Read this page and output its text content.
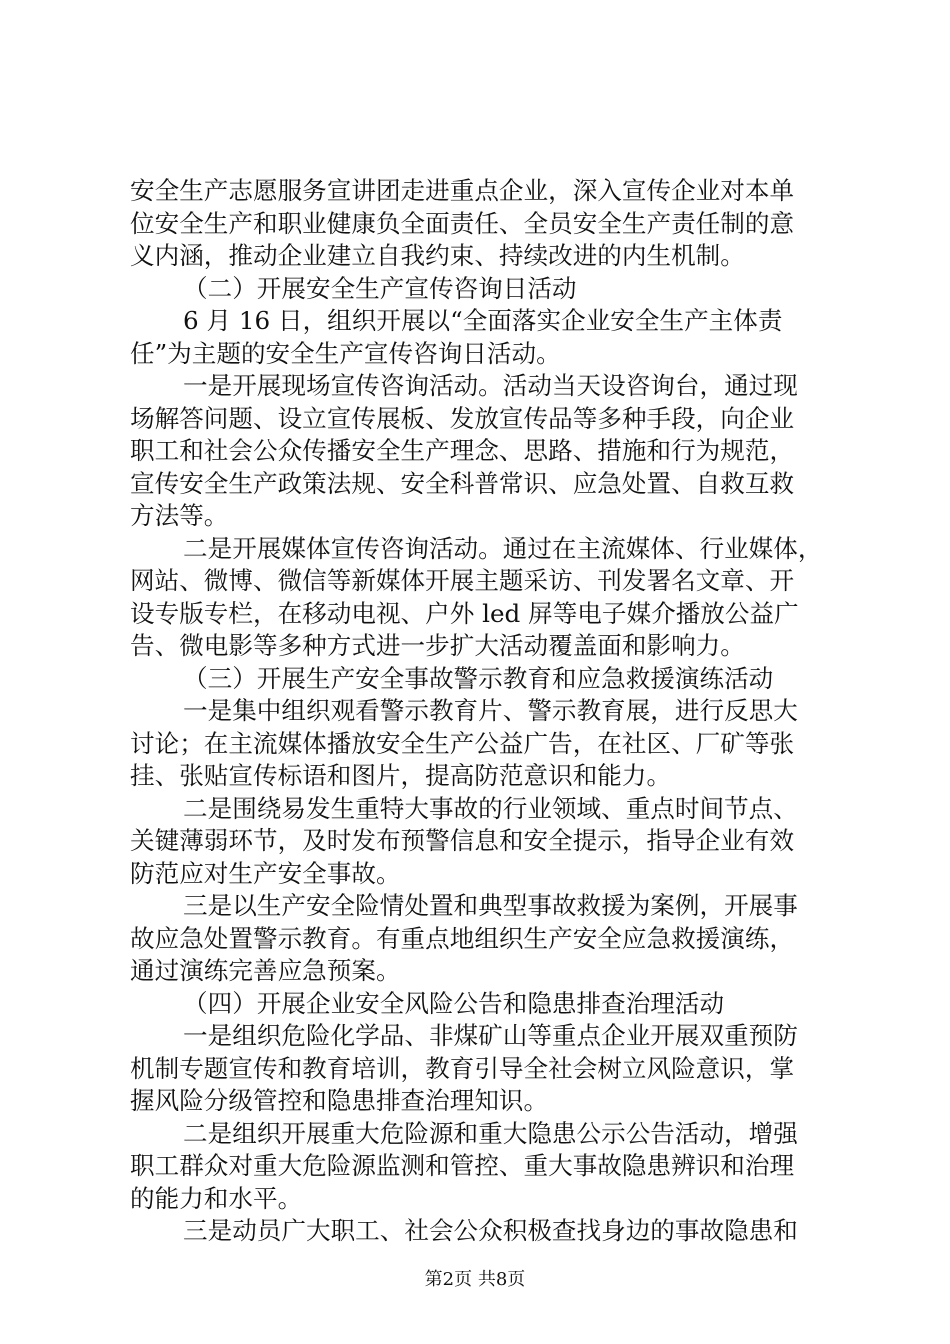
安全生产志愿服务宣讲团走进重点企业，深入宣传企业对本单
位安全生产和职业健康负全面责任、全员安全生产责任制的意
义内涵，推动企业建立自我约束、持续改进的内生机制。
（二）开展安全生产宣传咨询日活动
6 月 16 日，组织开展以“全面落实企业安全生产主体责
任”为主题的安全生产宣传咨询日活动。
一是开展现场宣传咨询活动。活动当天设咨询台，通过现
场解答问题、设立宣传展板、发放宣传品等多种手段，向企业
职工和社会公众传播安全生产理念、思路、措施和行为规范，
宣传安全生产政策法规、安全科普常识、应急处置、自救互救
方法等。
二是开展媒体宣传咨询活动。通过在主流媒体、行业媒体，
网站、微博、微信等新媒体开展主题采访、刊发署名文章、开
设专版专栏，在移动电视、户外 led 屏等电子媒介播放公益广
告、微电影等多种方式进一步扩大活动覆盖面和影响力。
（三）开展生产安全事故警示教育和应急救援演练活动
一是集中组织观看警示教育片、警示教育展，进行反思大
讨论；在主流媒体播放安全生产公益广告，在社区、厂矿等张
挂、张贴宣传标语和图片，提高防范意识和能力。
二是围绕易发生重特大事故的行业领域、重点时间节点、
关键薄弱环节，及时发布预警信息和安全提示，指导企业有效
防范应对生产安全事故。
三是以生产安全险情处置和典型事故救援为案例，开展事
故应急处置警示教育。有重点地组织生产安全应急救援演练，
通过演练完善应急预案。
（四）开展企业安全风险公告和隐患排查治理活动
一是组织危险化学品、非煤矿山等重点企业开展双重预防
机制专题宣传和教育培训，教育引导全社会树立风险意识，掌
握风险分级管控和隐患排查治理知识。
二是组织开展重大危险源和重大隐患公示公告活动，增强
职工群众对重大危险源监测和管控、重大事故隐患辨识和治理
的能力和水平。
三是动员广大职工、社会公众积极查找身边的事故隐患和
第2页 共8页
